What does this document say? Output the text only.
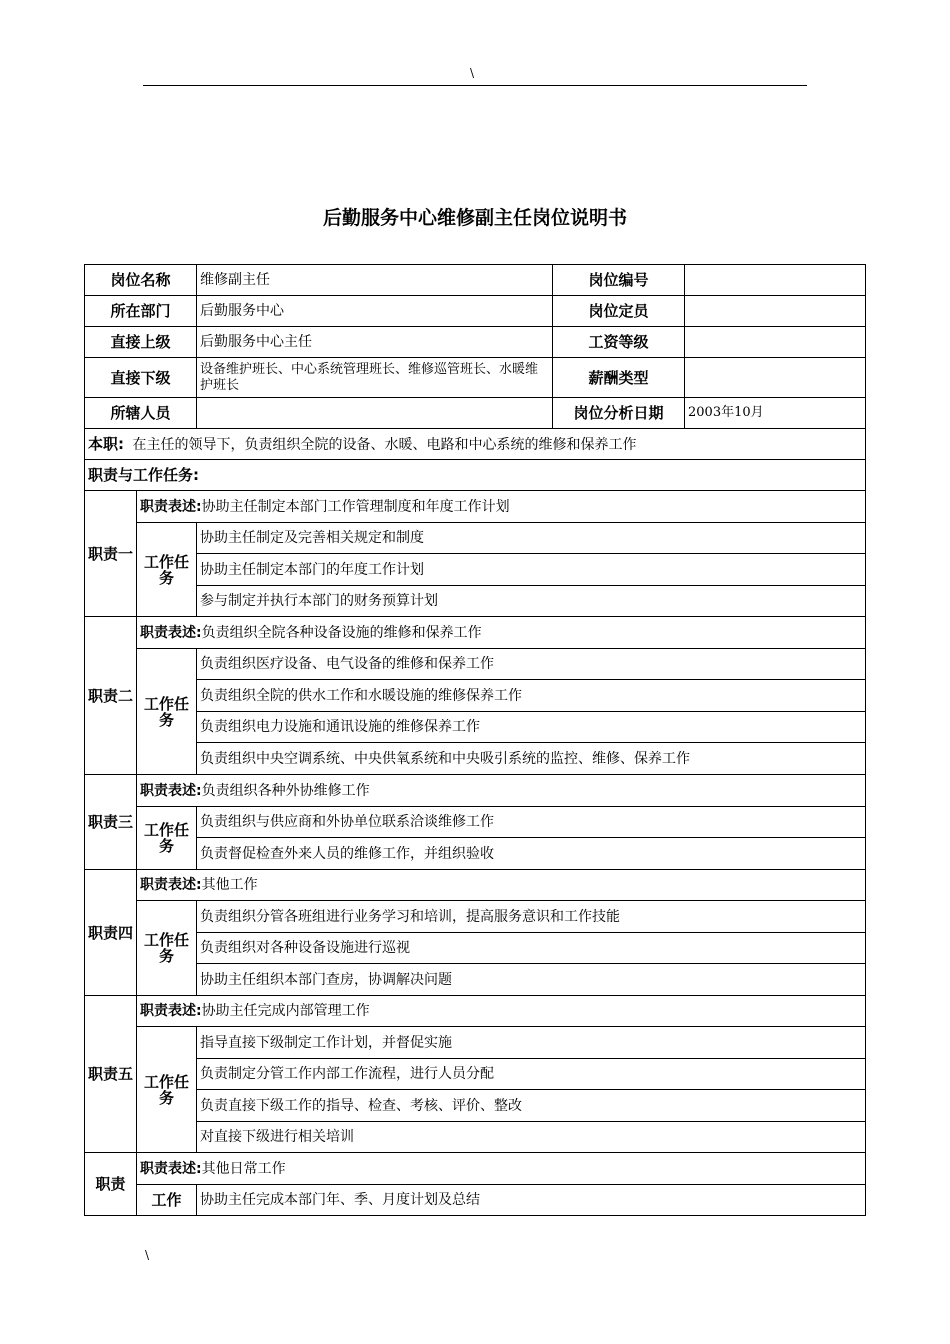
\
后勤服务中心维修副主任岗位说明书
岗位名称		维修副主任	岗位编号	
所在部门		后勤服务中心	岗位定员	
直接上级		后勤服务中心主任	工资等级	
直接下级		设备维护班长、中心系统管理班长、维修巡管班长、水暖维护班长	薪酬类型	
所辖人员			岗位分析日期	2003年10月
本职: 在主任的领导下，负责组织全院的设备、水暖、电路和中心系统的维修和保养工作				
职责与工作任务:				
职责一	职责表述:协助主任制定本部门工作管理制度和年度工作计划			
	工作任务	协助主任制定及完善相关规定和制度		
		协助主任制定本部门的年度工作计划		
		参与制定并执行本部门的财务预算计划		
职责二	职责表述:负责组织全院各种设备设施的维修和保养工作			
	工作任务	负责组织医疗设备、电气设备的维修和保养工作		
		负责组织全院的供水工作和水暖设施的维修保养工作		
		负责组织电力设施和通讯设施的维修保养工作		
		负责组织中央空调系统、中央供氧系统和中央吸引系统的监控、维修、保养工作		
职责三	职责表述:负责组织各种外协维修工作			
	工作任务	负责组织与供应商和外协单位联系洽谈维修工作		
		负责督促检查外来人员的维修工作，并组织验收		
职责四	职责表述:其他工作			
	工作任务	负责组织分管各班组进行业务学习和培训，提高服务意识和工作技能		
		负责组织对各种设备设施进行巡视		
		协助主任组织本部门查房，协调解决问题		
职责五	职责表述:协助主任完成内部管理工作			
	工作任务	指导直接下级制定工作计划，并督促实施		
		负责制定分管工作内部工作流程，进行人员分配		
		负责直接下级工作的指导、检查、考核、评价、整改		
		对直接下级进行相关培训		
职责	职责表述:其他日常工作			
	工作	协助主任完成本部门年、季、月度计划及总结		
\
